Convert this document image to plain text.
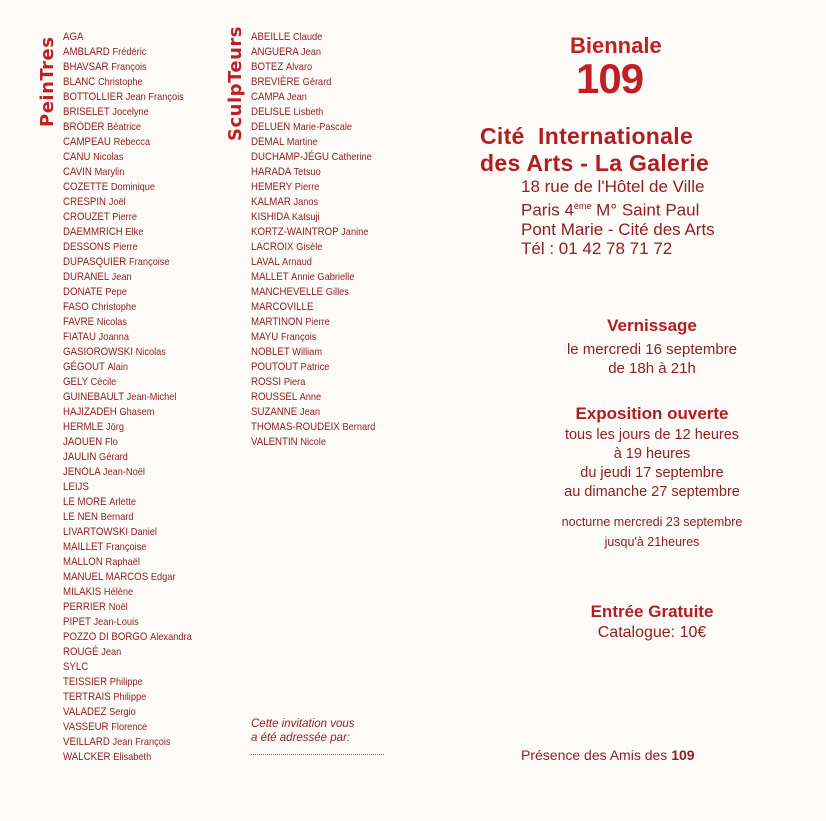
PeinTres AGA
AMBLARD Frédéric
BHAVSAR François
BLANC Christophe
BOTTOLLIER Jean François
BRISELET Jocelyne
BRÖDER Béatrice
CAMPEAU Rebecca
CANU Nicolas
CAVIN Marylin
COZETTE Dominique
CRESPIN Joël
CROUZET Pierre
DAEMMRICH Elke
DESSONS Pierre
DUPASQUIER Françoise
DURANEL Jean
DONATE Pepe
FASO Christophe
FAVRE Nicolas
FIATAU Joanna
GASIOROWSKI Nicolas
GÉGOUT Alain
GELY Cécile
GUINEBAULT Jean-Michel
HAJIZADEH Ghasem
HERMLE Jörg
JAOUEN Flo
JAULIN Gérard
JENOLA Jean-Noël
LEIJS
LE MORE Arlette
LE NEN Bernard
LIVARTOWSKI Daniel
MAILLET Françoise
MALLON Raphaël
MANUEL MARCOS Edgar
MILAKIS Hélène
PERRIER Noël
PIPET Jean-Louis
POZZO DI BORGO Alexandra
ROUGÉ Jean
SYLC
TEISSIER Philippe
TERTRAIS Philippe
VALADEZ Sergio
VASSEUR Florence
VEILLARD Jean François
WALCKER Elisabeth
SculpTeurs ABEILLE Claude
ANGUERA Jean
BOTEZ Alvaro
BREVIÈRE Gérard
CAMPA Jean
DELISLE Lisbeth
DELUEN Marie-Pascale
DEMAL Martine
DUCHAMP-JÉGU Catherine
HARADA Tetsuo
HEMERY Pierre
KALMAR Janos
KISHIDA Katsuji
KORTZ-WAINTROP Janine
LACROIX Gisèle
LAVAL Arnaud
MALLET Annie Gabrielle
MANCHEVELLE Gilles
MARCOVILLE
MARTINON Pierre
MAYU François
NOBLET William
POUTOUT Patrice
ROSSI Piera
ROUSSEL Anne
SUZANNE Jean
THOMAS-ROUDEIX Bernard
VALENTIN Nicole
Cette invitation vous
a été adressée par:
Biennale
109
Cité  Internationale
des Arts - La Galerie
18 rue de l'Hôtel de Ville
Paris 4ème M° Saint Paul
Pont Marie - Cité des Arts
Tél : 01 42 78 71 72
Vernissage
le mercredi 16 septembre
de 18h à 21h
Exposition ouverte
tous les jours de 12 heures
à 19 heures
du jeudi 17 septembre
au dimanche 27 septembre
nocturne mercredi 23 septembre
jusqu'à 21heures
Entrée Gratuite
Catalogue: 10€
Présence des Amis des 109
